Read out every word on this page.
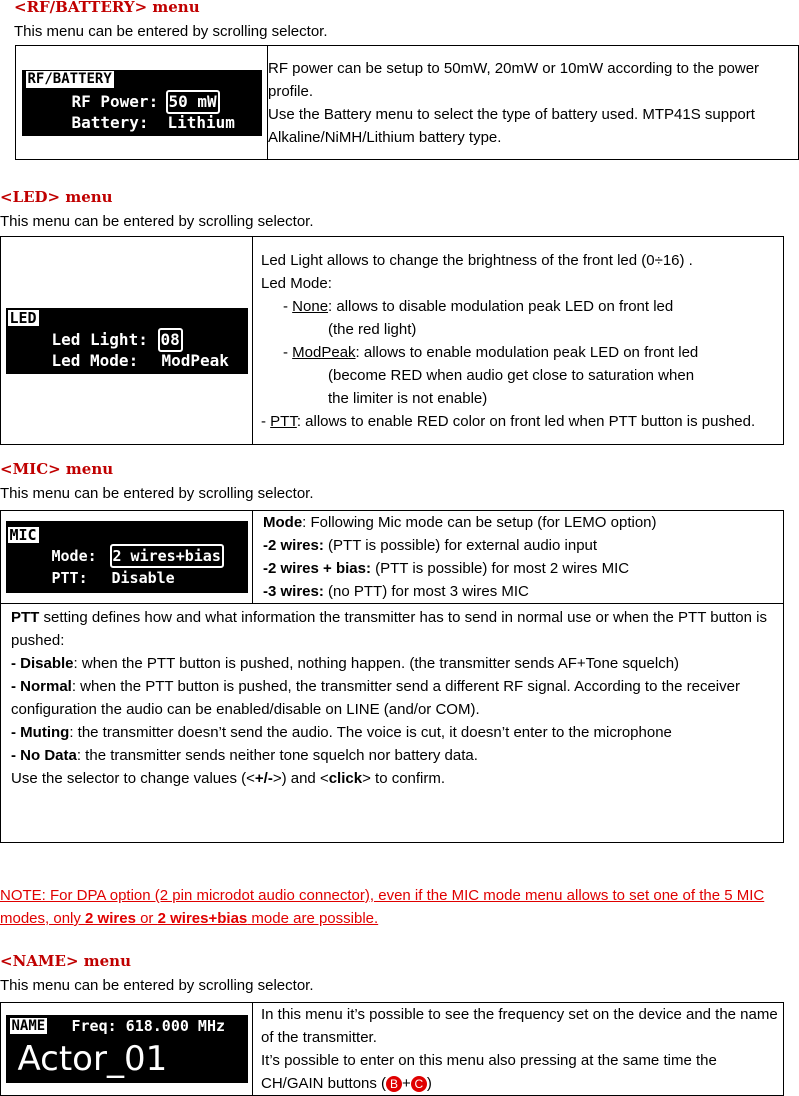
<RF/BATTERY> menu

This menu can be entered by scrolling selector.

RF/BATTERY
RF Power: 50 mW
Battery: Lithium

RF power can be setup to 50mW, 20mW or 10mW according to the power profile.
Use the Battery menu to select the type of battery used. MTP41S support Alkaline/NiMH/Lithium battery type.

<LED> menu

This menu can be entered by scrolling selector.

LED
Led Light: 08
Led Mode: ModPeak

Led Light allows to change the brightness of the front led (0÷16) .
Led Mode:
- None: allows to disable modulation peak LED on front led
(the red light)
- ModPeak: allows to enable modulation peak LED on front led
(become RED when audio get close to saturation when
the limiter is not enable)
- PTT: allows to enable RED color on front led when PTT button is pushed.

<MIC> menu

This menu can be entered by scrolling selector.

MIC
Mode: 2 wires+bias
PTT: Disable

Mode: Following Mic mode can be setup (for LEMO option)
-2 wires: (PTT is possible) for external audio input
-2 wires + bias: (PTT is possible) for most 2 wires MIC
-3 wires: (no PTT) for most 3 wires MIC

PTT setting defines how and what information the transmitter has to send in normal use or when the PTT button is pushed:
- Disable: when the PTT button is pushed, nothing happen. (the transmitter sends AF+Tone squelch)
- Normal: when the PTT button is pushed, the transmitter send a different RF signal. According to the receiver configuration the audio can be enabled/disable on LINE (and/or COM).
- Muting: the transmitter doesn’t send the audio. The voice is cut, it doesn’t enter to the microphone
- No Data: the transmitter sends neither tone squelch nor battery data.
Use the selector to change values (<+/->) and <click> to confirm.

NOTE: For DPA option (2 pin microdot audio connector), even if the MIC mode menu allows to set one of the 5 MIC modes, only 2 wires or 2 wires+bias mode are possible.

<NAME> menu

This menu can be entered by scrolling selector.

NAME Freq: 618.000 MHz
Actor_01

In this menu it’s possible to see the frequency set on the device and the name of the transmitter.
It’s possible to enter on this menu also pressing at the same time the CH/GAIN buttons ( B + C )
